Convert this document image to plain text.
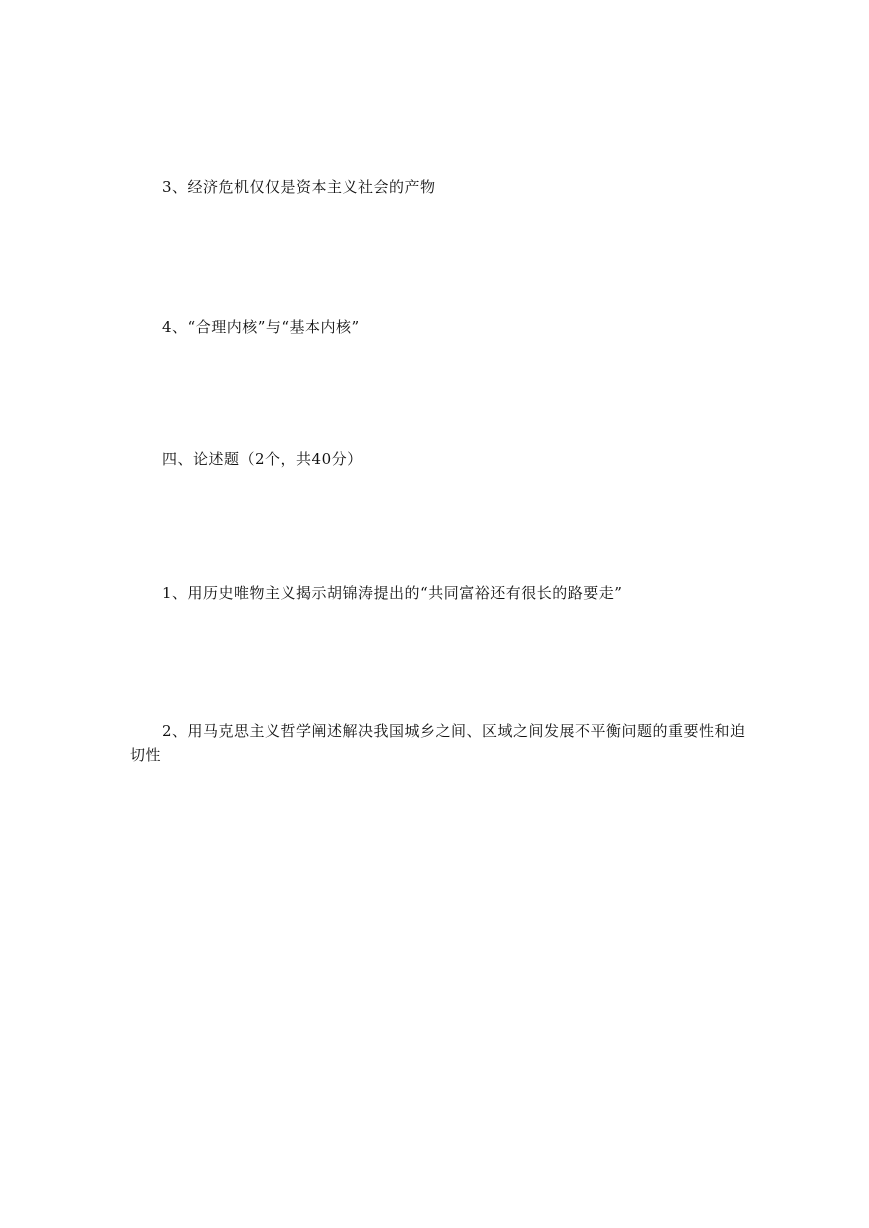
3、经济危机仅仅是资本主义社会的产物
4、“合理内核”与“基本内核”
四、论述题（2个，共40分）
1、用历史唯物主义揭示胡锦涛提出的“共同富裕还有很长的路要走”
2、用马克思主义哲学阐述解决我国城乡之间、区域之间发展不平衡问题的重要性和迫切性
